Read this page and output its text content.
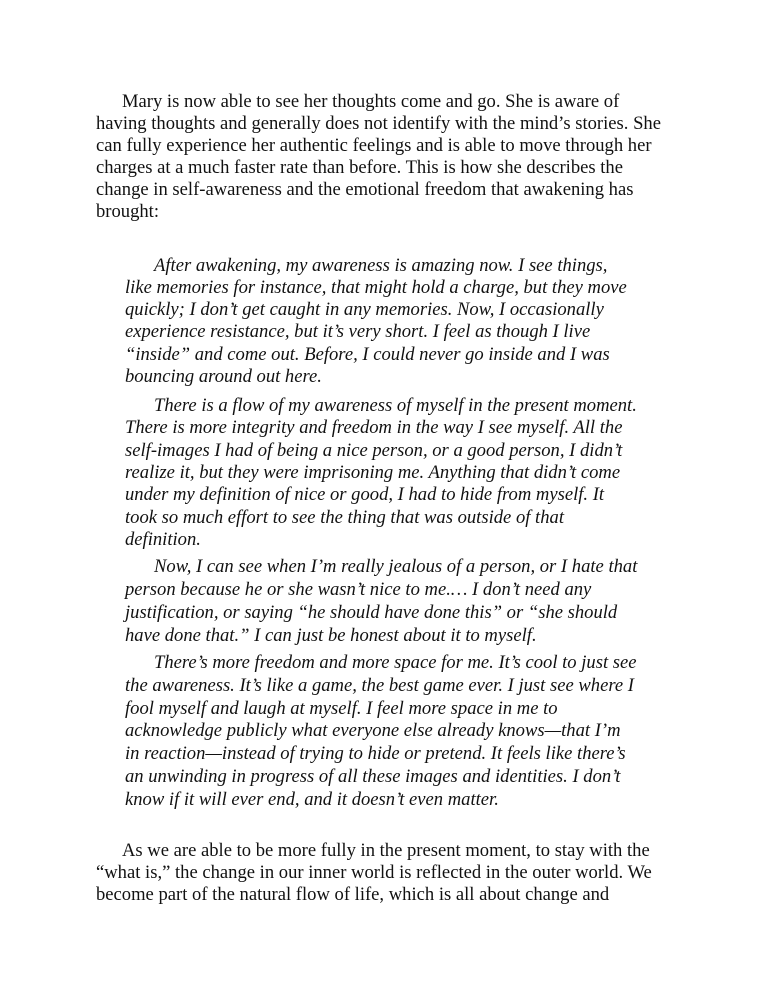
Mary is now able to see her thoughts come and go. She is aware of

having thoughts and generally does not identify with the mind’s stories. She

can fully experience her authentic feelings and is able to move through her

charges at a much faster rate than before. This is how she describes the

change in self-awareness and the emotional freedom that awakening has

brought:

After awakening, my awareness is amazing now. I see things,

like memories for instance, that might hold a charge, but they move

quickly; I don’t get caught in any memories. Now, I occasionally

experience resistance, but it’s very short. I feel as though I live

“inside” and come out. Before, I could never go inside and I was

bouncing around out here.

There is a flow of my awareness of myself in the present moment.

There is more integrity and freedom in the way I see myself. All the

self-images I had of being a nice person, or a good person, I didn’t

realize it, but they were imprisoning me. Anything that didn’t come

under my definition of nice or good, I had to hide from myself. It

took so much effort to see the thing that was outside of that

definition.

Now, I can see when I’m really jealous of a person, or I hate that

person because he or she wasn’t nice to me.… I don’t need any

justification, or saying “he should have done this” or “she should

have done that.” I can just be honest about it to myself.

There’s more freedom and more space for me. It’s cool to just see

the awareness. It’s like a game, the best game ever. I just see where I

fool myself and laugh at myself. I feel more space in me to

acknowledge publicly what everyone else already knows—that I’m

in reaction—instead of trying to hide or pretend. It feels like there’s

an unwinding in progress of all these images and identities. I don’t

know if it will ever end, and it doesn’t even matter.

As we are able to be more fully in the present moment, to stay with the

“what is,” the change in our inner world is reflected in the outer world. We

become part of the natural flow of life, which is all about change and
